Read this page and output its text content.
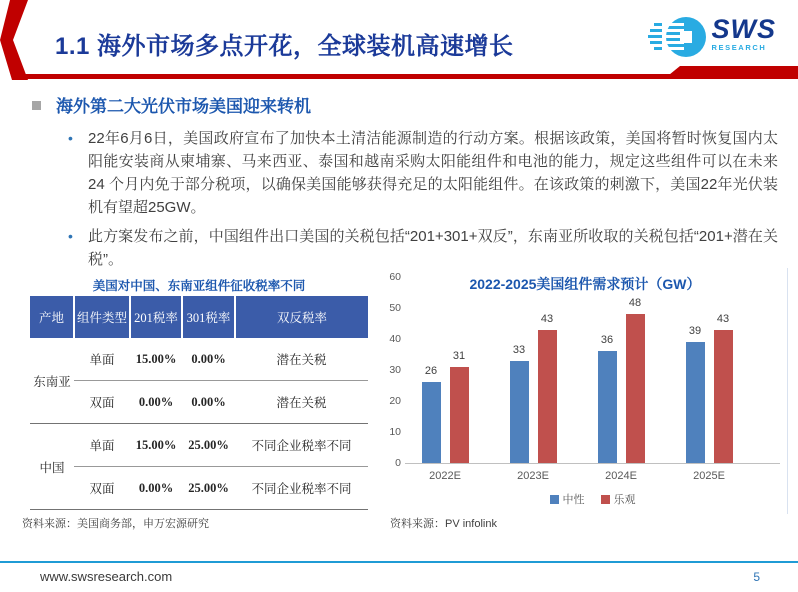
1.1 海外市场多点开花，全球装机高速增长
SWS
RESEARCH
海外第二大光伏市场美国迎来转机
• 22年6月6日，美国政府宣布了加快本土清洁能源制造的行动方案。根据该政策，美国将暂时恢复国内太阳能安装商从柬埔寨、马来西亚、泰国和越南采购太阳能组件和电池的能力，规定这些组件可以在未来 24 个月内免于部分税项，以确保美国能够获得充足的太阳能组件。在该政策的刺激下，美国22年光伏装机有望超25GW。
• 此方案发布之前，中国组件出口美国的关税包括“201+301+双反”，东南亚所收取的关税包括“201+潜在关税”。
美国对中国、东南亚组件征收税率不同
产地	组件类型	201税率	301税率	双反税率
东南亚	单面	15.00%	0.00%	潜在关税
	双面	0.00%	0.00%	潜在关税
中国	单面	15.00%	25.00%	不同企业税率不同
	双面	0.00%	25.00%	不同企业税率不同
2022-2025美国组件需求预计（GW）
26
31	33
43
36
48
39
43
中性	乐观
60
50
40
30
20
10
0
2022E	2023E	2024E	2025E
资料来源：美国商务部，申万宏源研究	资料来源：PV infolink
www.swsresearch.com	5
